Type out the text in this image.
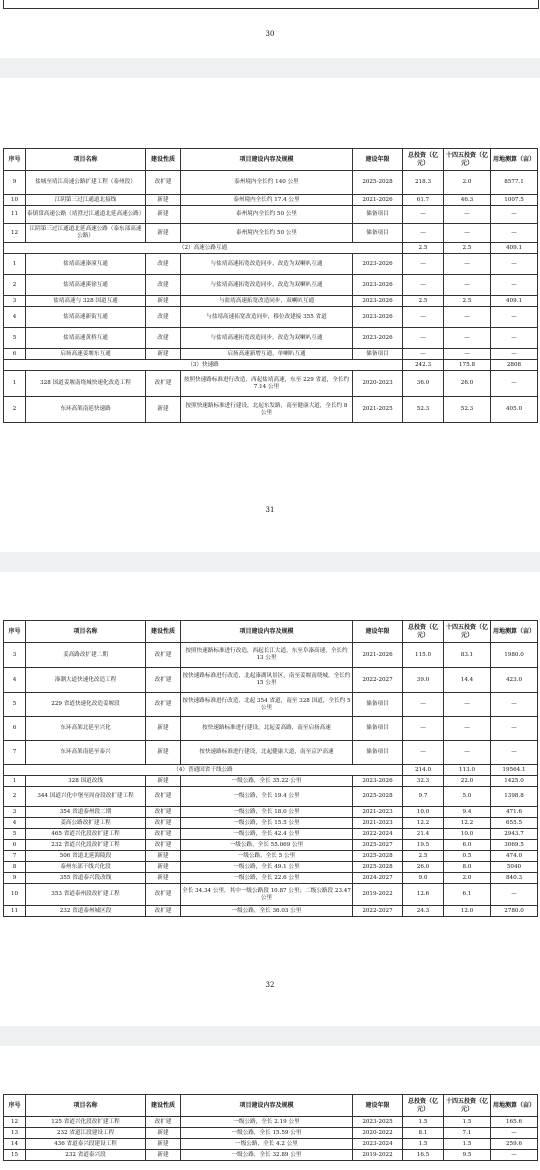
30
序号	项目名称	建设性质	项目建设内容及规模	建设年限	总投资（亿元）	十四五投资（亿元）	用地测算（亩）
9	盐城至靖江高速公路扩建工程（泰州段）	改扩建	泰州境内全长约 140 公里	2025-2028	218.3	2.0	8577.1
10	江阴第三过江通道北接线	新建	泰州境内全长约 17.4 公里	2021-2026	61.7	46.3	1007.5
11	泰镇常高速公路（靖澄过江通道北延高速公路）	新建	泰州境内全长约 50 公里	储备项目	—	—	—
12	江阴第三过江通道北延高速公路（泰东部高速公路）	新建	泰州境内全长约 50 公里	储备项目	—	—	—
（2）高速公路互通					2.5	2.5	409.1
1	盐靖高速溱潼互通	改建	与盐靖高速拓宽改造同步，改造为双喇叭互通	2023-2026	—	—	—
2	盐靖高速溪徐互通	改建	与盐靖高速拓宽改造同步，改造为双喇叭互通	2023-2026	—	—	—
3	盐靖高速与 328 国道互通	新建	与盐靖高速拓宽改造同步，双喇叭互通	2023-2026	2.5	2.5	409.1
4	盐靖高速新街互通	改建	与盐靖高速拓宽改造同步，移位改建接 355 省道	2023-2026	—	—	—
5	盐靖高速黄桥互通	改建	与盐靖高速拓宽改造同步，改造为双喇叭互通	2023-2026	—	—	—
6	启扬高速姜堰东互通	新建	启扬高速新增互通，单喇叭互通	储备项目	—	—	—
（3）快速路					242.3	175.8	2808
1	328 国道姜堰南绕城快速化改造工程	改扩建	按照快速路标准进行改造，西起盐靖高速，东至 229 省道，全长约 7.14 公里	2020-2023	36.0	26.0	—
2	东环高架南延快速路	新建	按照快速路标准进行建设，北起东发路，南至健康大道，全长约 8 公里	2021-2025	52.3	52.3	405.0
31
序号	项目名称	建设性质	项目建设内容及规模	建设年限	总投资（亿元）	十四五投资（亿元）	用地测算（亩）
3	姜高路改扩建二期	改扩建	按照快速路标准进行改造，西起长江大道，东至阜溱高速，全长约 13 公里	2021-2026	115.0	83.1	1980.0
4	溱潮大道快速化改造工程	改扩建	按快速路标准进行改造，北起溱湖风景区，南至姜堰南绕城，全长约 15 公里	2022-2027	39.0	14.4	423.0
5	229 省道快速化改造姜堰段	改扩建	按快速路标准进行改造，北起 354 省道，南至 328 国道，全长约 5 公里	储备项目	—	—	—
6	东环高架北延至兴化	新建	按快速路标准进行建设，北起姜高路，南至启扬高速	储备项目	—	—	—
7	东环高架南延至泰兴	新建	按快速路标准进行建设，北起健康大道，南至京沪高速	储备项目	—	—	—
（4）普通国省干线公路					214.0	113.0	19564.1
1	328 国道改线	新建	一级公路，全长 35.22 公里	2023-2026	32.3	22.0	1425.0
2	344 国道兴化中堡至周奋段改扩建工程	改扩建	一级公路，全长 19.4 公里	2025-2028	9.7	5.0	1398.8
3	354 省道泰州段二期	改扩建	一级公路，全长 18.0 公里	2021-2023	10.0	9.4	471.6
4	姜高公路改扩建工程	改扩建	一级公路，全长 15.5 公里	2021-2023	12.2	12.2	655.5
5	465 省道兴化段改扩建工程	改扩建	一级公路，全长 42.4 公里	2022-2024	21.4	10.0	2943.7
6	232 省道兴化段改扩建工程	改扩建	一级公路，全长 55.069 公里	2025-2027	19.5	6.0	3069.5
7	506 省道北延海陵段	新建	一级公路，全长 5 公里	2025-2028	2.5	0.5	474.0
8	泰州东部干线兴化段	新建	一级公路，全长 49.1 公里	2025-2028	26.0	8.0	5040
9	355 省道泰兴段改线	新建	一级公路，全长 22.6 公里	2024-2027	9.0	2.0	840.3
10	353 省道泰州段改扩建工程	改扩建	全长 34.34 公里，其中一级公路段 10.87 公里；二级公路段 23.47 公里	2019-2022	12.6	6.1	—
11	232 省道泰州城区段	改扩建	一级公路，全长 36.03 公里	2022-2027	24.3	12.0	2780.0
32
序号	项目名称	建设性质	项目建设内容及规模	建设年限	总投资（亿元）	十四五投资（亿元）	用地测算（亩）
12	125 省道兴化段改扩建工程	改扩建	一级公路，全长 2.19 公里	2023-2025	1.5	1.5	165.6
13	232 省道江段建设工程	新建	一级公路，全长 15.59 公里	2020-2022	8.1	7.1	—
14	436 省道泰兴段建设工程	新建	一级公路，全长 4.2 公里	2023-2024	1.5	1.5	259.6
15	232 省道泰兴段	新建	一级公路，全长 32.89 公里	2019-2022	16.5	9.5	—
